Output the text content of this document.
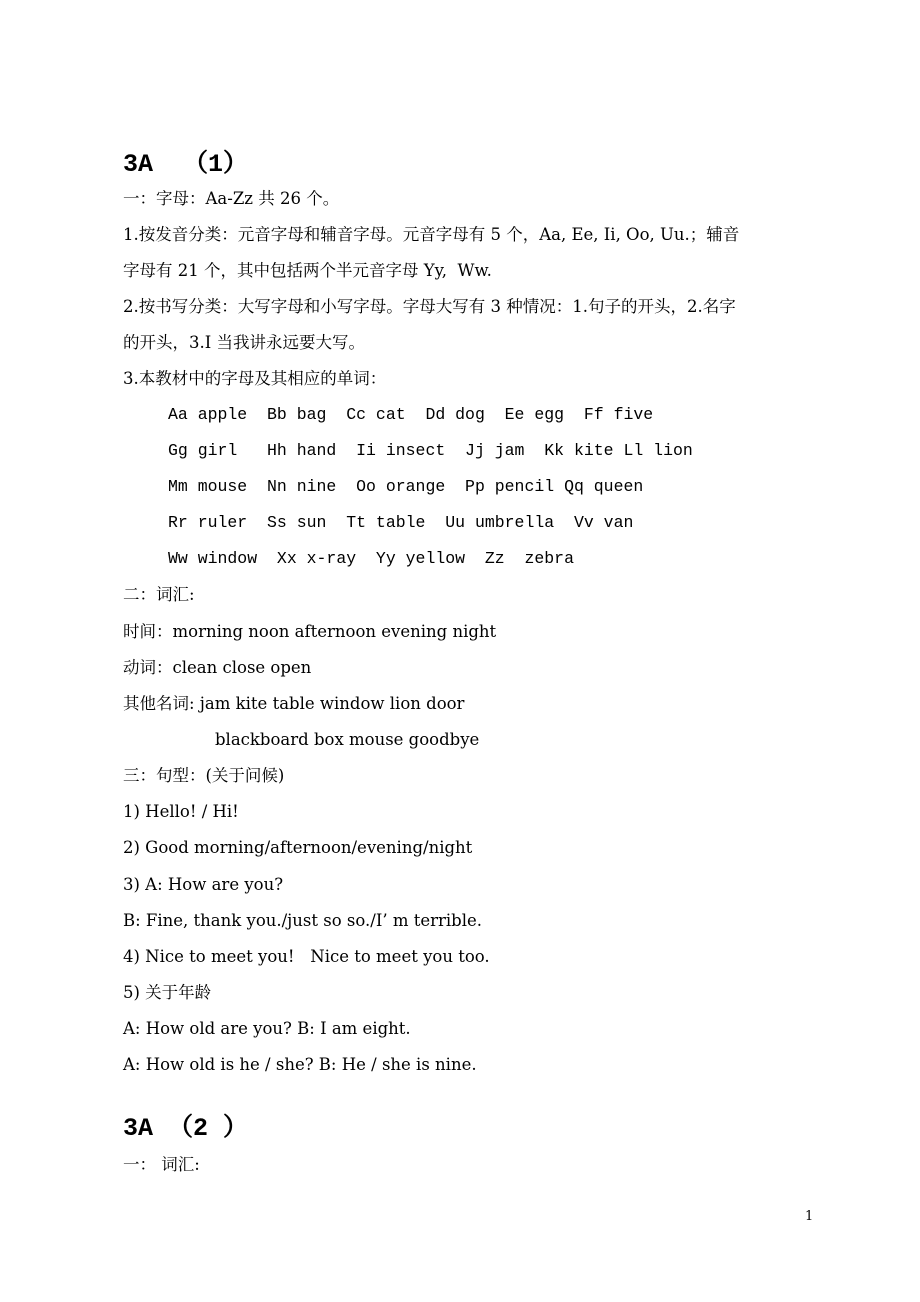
3A  （1）
一：字母：Aa-Zz 共 26 个。
1.按发音分类：元音字母和辅音字母。元音字母有 5 个，Aa, Ee, Ii, Oo, Uu.；辅音
字母有 21 个，其中包括两个半元音字母 Yy,  Ww.
2.按书写分类：大写字母和小写字母。字母大写有 3 种情况：1.句子的开头，2.名字
的开头，3.I 当我讲永远要大写。
3.本教材中的字母及其相应的单词：
Aa apple  Bb bag  Cc cat  Dd dog  Ee egg  Ff five
Gg girl   Hh hand  Ii insect  Jj jam  Kk kite Ll lion
Mm mouse  Nn nine  Oo orange  Pp pencil Qq queen
Rr ruler  Ss sun  Tt table  Uu umbrella  Vv van
Ww window  Xx x-ray  Yy yellow  Zz  zebra
二：词汇:
时间：morning noon afternoon evening night
动词：clean close open
其他名词: jam kite table window lion door
blackboard box mouse goodbye
三：句型：(关于问候)
1) Hello! / Hi!
2) Good morning/afternoon/evening/night
3) A: How are you?
B: Fine, thank you./just so so./I’ m terrible.
4) Nice to meet you!   Nice to meet you too.
5) 关于年龄
A: How old are you? B: I am eight.
A: How old is he / she? B: He / she is nine.
3A （2 ）
一： 词汇:
1
